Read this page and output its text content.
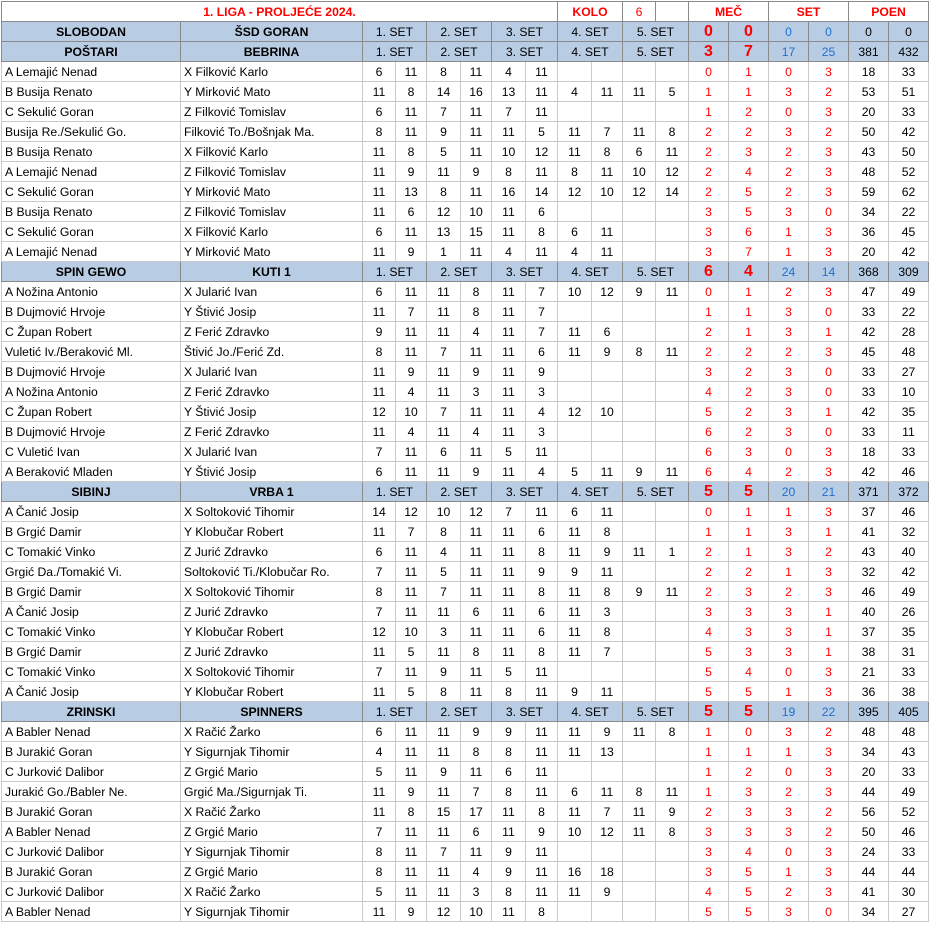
1. LIGA - PROLJEĆE 2024.								KOLO		6		MEČ		SET		POEN	
SLOBODAN	ŠSD GORAN	1. SET		2. SET		3. SET		4. SET		5. SET		0	0	0	0	0	0
POŠTARI	BEBRINA	1. SET		2. SET		3. SET		4. SET		5. SET		3	7	17	25	381	432
A Lemajić Nenad	X Filković Karlo	6	11	8	11	4	11					0	1	0	3	18	33
B Busija Renato	Y Mirković Mato	11	8	14	16	13	11	4	11	11	5	1	1	3	2	53	51
C Sekulić Goran	Z Filković Tomislav	6	11	7	11	7	11					1	2	0	3	20	33
Busija Re./Sekulić Go.	Filković To./Bošnjak Ma.	8	11	9	11	11	5	11	7	11	8	2	2	3	2	50	42
B Busija Renato	X Filković Karlo	11	8	5	11	10	12	11	8	6	11	2	3	2	3	43	50
A Lemajić Nenad	Z Filković Tomislav	11	9	11	9	8	11	8	11	10	12	2	4	2	3	48	52
C Sekulić Goran	Y Mirković Mato	11	13	8	11	16	14	12	10	12	14	2	5	2	3	59	62
B Busija Renato	Z Filković Tomislav	11	6	12	10	11	6					3	5	3	0	34	22
C Sekulić Goran	X Filković Karlo	6	11	13	15	11	8	6	11			3	6	1	3	36	45
A Lemajić Nenad	Y Mirković Mato	11	9	1	11	4	11	4	11			3	7	1	3	20	42
SPIN GEWO	KUTI 1	1. SET		2. SET		3. SET		4. SET		5. SET		6	4	24	14	368	309
A Nožina Antonio	X Jularić Ivan	6	11	11	8	11	7	10	12	9	11	0	1	2	3	47	49
B Dujmović Hrvoje	Y Štivić Josip	11	7	11	8	11	7					1	1	3	0	33	22
C Župan Robert	Z Ferić Zdravko	9	11	11	4	11	7	11	6			2	1	3	1	42	28
Vuletić Iv./Beraković Ml.	Štivić Jo./Ferić Zd.	8	11	7	11	11	6	11	9	8	11	2	2	2	3	45	48
B Dujmović Hrvoje	X Jularić Ivan	11	9	11	9	11	9					3	2	3	0	33	27
A Nožina Antonio	Z Ferić Zdravko	11	4	11	3	11	3					4	2	3	0	33	10
C Župan Robert	Y Štivić Josip	12	10	7	11	11	4	12	10			5	2	3	1	42	35
B Dujmović Hrvoje	Z Ferić Zdravko	11	4	11	4	11	3					6	2	3	0	33	11
C Vuletić Ivan	X Jularić Ivan	7	11	6	11	5	11					6	3	0	3	18	33
A Beraković Mladen	Y Štivić Josip	6	11	11	9	11	4	5	11	9	11	6	4	2	3	42	46
SIBINJ	VRBA 1	1. SET		2. SET		3. SET		4. SET		5. SET		5	5	20	21	371	372
A Čanić Josip	X Soltoković Tihomir	14	12	10	12	7	11	6	11			0	1	1	3	37	46
B Grgić Damir	Y Klobučar Robert	11	7	8	11	11	6	11	8			1	1	3	1	41	32
C Tomakić Vinko	Z Jurić Zdravko	6	11	4	11	11	8	11	9	11	1	2	1	3	2	43	40
Grgić Da./Tomakić Vi.	Soltoković Ti./Klobučar Ro.	7	11	5	11	11	9	9	11			2	2	1	3	32	42
B Grgić Damir	X Soltoković Tihomir	8	11	7	11	11	8	11	8	9	11	2	3	2	3	46	49
A Čanić Josip	Z Jurić Zdravko	7	11	11	6	11	6	11	3			3	3	3	1	40	26
C Tomakić Vinko	Y Klobučar Robert	12	10	3	11	11	6	11	8			4	3	3	1	37	35
B Grgić Damir	Z Jurić Zdravko	11	5	11	8	11	8	11	7			5	3	3	1	38	31
C Tomakić Vinko	X Soltoković Tihomir	7	11	9	11	5	11					5	4	0	3	21	33
A Čanić Josip	Y Klobučar Robert	11	5	8	11	8	11	9	11			5	5	1	3	36	38
ZRINSKI	SPINNERS	1. SET		2. SET		3. SET		4. SET		5. SET		5	5	19	22	395	405
A Babler Nenad	X Račić Žarko	6	11	11	9	9	11	11	9	11	8	1	0	3	2	48	48
B Jurakić Goran	Y Sigurnjak Tihomir	4	11	11	8	8	11	11	13			1	1	1	3	34	43
C Jurković Dalibor	Z Grgić Mario	5	11	9	11	6	11					1	2	0	3	20	33
Jurakić Go./Babler Ne.	Grgić Ma./Sigurnjak Ti.	11	9	11	7	8	11	6	11	8	11	1	3	2	3	44	49
B Jurakić Goran	X Račić Žarko	11	8	15	17	11	8	11	7	11	9	2	3	3	2	56	52
A Babler Nenad	Z Grgić Mario	7	11	11	6	11	9	10	12	11	8	3	3	3	2	50	46
C Jurković Dalibor	Y Sigurnjak Tihomir	8	11	7	11	9	11					3	4	0	3	24	33
B Jurakić Goran	Z Grgić Mario	8	11	11	4	9	11	16	18			3	5	1	3	44	44
C Jurković Dalibor	X Račić Žarko	5	11	11	3	8	11	11	9			4	5	2	3	41	30
A Babler Nenad	Y Sigurnjak Tihomir	11	9	12	10	11	8					5	5	3	0	34	27
